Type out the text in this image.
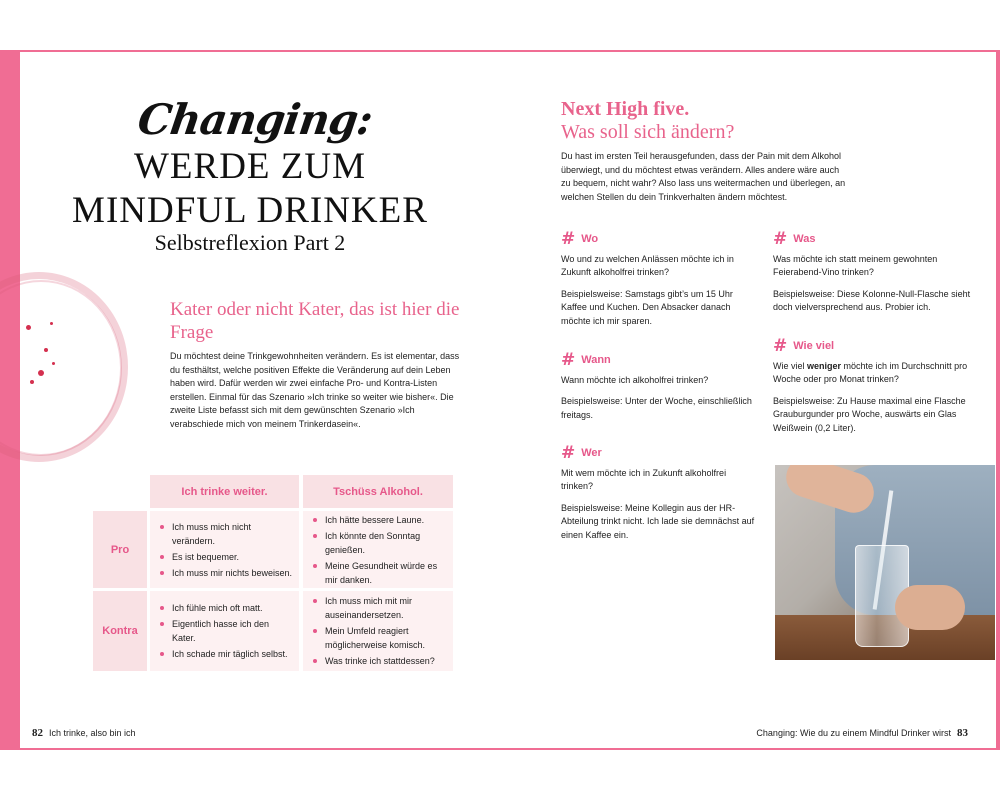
Changing:
WERDE ZUM
MINDFUL DRINKER
Selbstreflexion Part 2
Kater oder nicht Kater, das ist hier die Frage
Du möchtest deine Trinkgewohnheiten verändern. Es ist elementar, dass du festhältst, welche positiven Effekte die Veränderung auf dein Leben haben wird. Dafür werden wir zwei einfache Pro- und Kontra-Listen erstellen. Einmal für das Szenario »Ich trinke so weiter wie bisher«. Die zweite Liste befasst sich mit dem gewünschten Szenario »Ich verabschiede mich von meinem Trinkerdasein«.
Ich trinke weiter.	Tschüss Alkohol.
Pro
Ich muss mich nicht verändern.
Es ist bequemer.
Ich muss mir nichts beweisen.
Ich hätte bessere Laune.
Ich könnte den Sonntag genießen.
Meine Gesundheit würde es mir danken.
Kontra
Ich fühle mich oft matt.
Eigentlich hasse ich den Kater.
Ich schade mir täglich selbst.
Ich muss mich mit mir auseinandersetzen.
Mein Umfeld reagiert möglicherweise komisch.
Was trinke ich stattdessen?
82 Ich trinke, also bin ich
Next High five.
Was soll sich ändern?
Du hast im ersten Teil herausgefunden, dass der Pain mit dem Alkohol überwiegt, und du möchtest etwas verändern. Alles andere wäre auch zu bequem, nicht wahr? Also lass uns weitermachen und überlegen, an welchen Stellen du dein Trinkverhalten ändern möchtest.
# Wo

Wo und zu welchen Anlässen möchte ich in Zukunft alkoholfrei trinken?

Beispielsweise: Samstags gibt’s um 15 Uhr Kaffee und Kuchen. Den Absacker danach möchte ich mir sparen.

# Wann

Wann möchte ich alkoholfrei trinken?

Beispielsweise: Unter der Woche, einschließlich freitags.

# Wer

Mit wem möchte ich in Zukunft alkoholfrei trinken?

Beispielsweise: Meine Kollegin aus der HR-Abteilung trinkt nicht. Ich lade sie demnächst auf einen Kaffee ein.

# Was

Was möchte ich statt meinem gewohnten Feierabend-Vino trinken?

Beispielsweise: Diese Kolonne-Null-Flasche sieht doch vielversprechend aus. Probier ich.

# Wie viel

Wie viel weniger möchte ich im Durchschnitt pro Woche oder pro Monat trinken?

Beispielsweise: Zu Hause maximal eine Flasche Grauburgunder pro Woche, auswärts ein Glas Weißwein (0,2 Liter).

Changing: Wie du zu einem Mindful Drinker wirst 83
